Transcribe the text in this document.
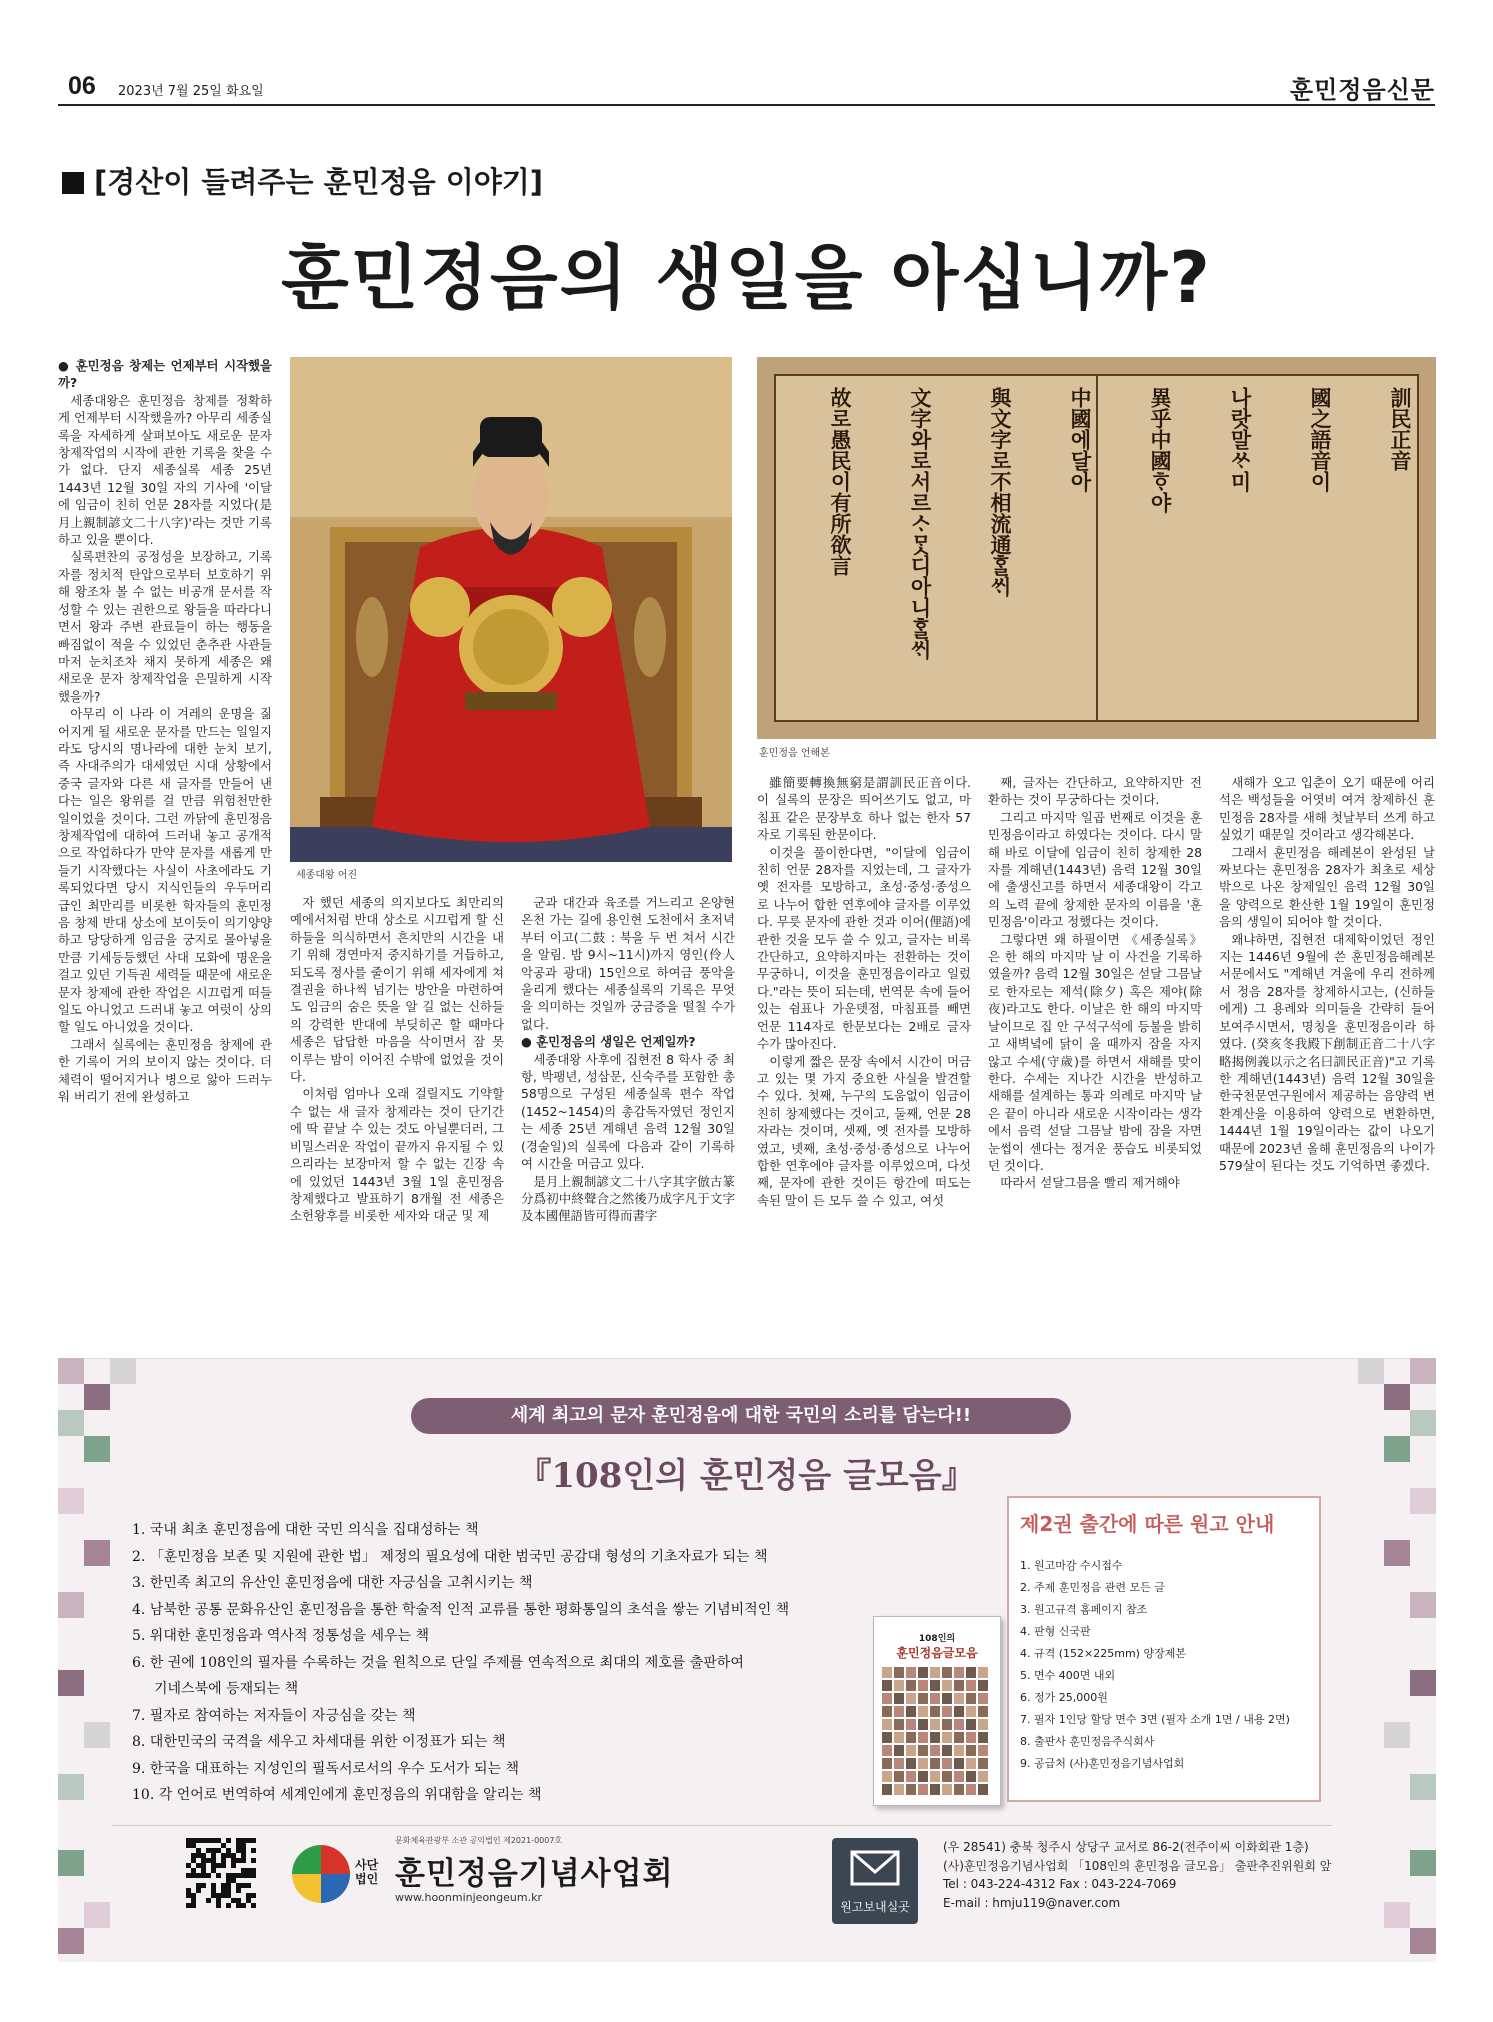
06 2023년 7월 25일 화요일	훈민정음신문
[경산이 들려주는 훈민정음 이야기]
훈민정음의 생일을 아십니까?

● 훈민정음 창제는 언제부터 시작했을까?

세종대왕은 훈민정음 창제를 정확하게 언제부터 시작했을까? 아무리 세종실록을 자세하게 살펴보아도 새로운 문자 창제작업의 시작에 관한 기록을 찾을 수가 없다. 단지 세종실록 세종 25년 1443년 12월 30일 자의 기사에 '이달에 임금이 친히 언문 28자를 지었다(是月上親制諺文二十八字)'라는 것만 기록하고 있을 뿐이다.

실록편찬의 공정성을 보장하고, 기록자를 정치적 탄압으로부터 보호하기 위해 왕조차 볼 수 없는 비공개 문서를 작성할 수 있는 권한으로 왕들을 따라다니면서 왕과 주변 관료들이 하는 행동을 빠짐없이 적을 수 있었던 춘추관 사관들마저 눈치조차 채지 못하게 세종은 왜 새로운 문자 창제작업을 은밀하게 시작했을까?

아무리 이 나라 이 겨레의 운명을 짊어지게 될 새로운 문자를 만드는 일일지라도 당시의 명나라에 대한 눈치 보기, 즉 사대주의가 대세였던 시대 상황에서 중국 글자와 다른 새 글자를 만들어 낸다는 일은 왕위를 걸 만큼 위험천만한 일이었을 것이다. 그런 까닭에 훈민정음 창제작업에 대하여 드러내 놓고 공개적으로 작업하다가 만약 문자를 새롭게 만들기 시작했다는 사실이 사초에라도 기록되었다면 당시 지식인들의 우두머리급인 최만리를 비롯한 학자들의 훈민정음 창제 반대 상소에 보이듯이 의기양양하고 당당하게 임금을 궁지로 몰아넣을 만큼 기세등등했던 사대 모화에 명운을 걸고 있던 기득권 세력들 때문에 새로운 문자 창제에 관한 작업은 시끄럽게 떠들 일도 아니었고 드러내 놓고 여럿이 상의할 일도 아니었을 것이다.

그래서 실록에는 훈민정음 창제에 관한 기록이 거의 보이지 않는 것이다. 더 체력이 떨어지거나 병으로 앓아 드러누워 버리기 전에 완성하고

자 했던 세종의 의지보다도 최만리의 예에서처럼 반대 상소로 시끄럽게 할 신하들을 의식하면서 흔치만의 시간을 내기 위해 경연마저 중지하기를 거듭하고, 되도록 정사를 줄이기 위해 세자에게 쳐결권을 하나씩 넘기는 방안을 마련하여도 임금의 숨은 뜻을 알 길 없는 신하들의 강력한 반대에 부딪히곤 할 때마다 세종은 답답한 마음을 삭이면서 잠 못 이루는 밤이 이어진 수밖에 없었을 것이다.

이처럼 엄마나 오래 걸릴지도 기약할 수 없는 새 글자 창제라는 것이 단기간에 딱 끝날 수 있는 것도 아닐뿐더러, 그 비밀스러운 작업이 끝까지 유지될 수 있으리라는 보장마저 할 수 없는 긴장 속에 있었던 1443년 3월 1일 훈민정음 창제했다고 발표하기 8개월 전 세종은 소헌왕후를 비롯한 세자와 대군 및 제

군과 대간과 육조를 거느리고 온양현 온천 가는 길에 용인현 도천에서 초저녁부터 이고(二鼓 : 북을 두 번 쳐서 시간을 알림. 밤 9시~11시)까지 영인(伶人 악공과 광대) 15인으로 하여금 풍악을 울리게 했다는 세종실록의 기록은 무엇을 의미하는 것일까 궁금증을 떨칠 수가 없다.

● 훈민정음의 생일은 언제일까?

세종대왕 사후에 집현전 8 학사 중 최항, 박팽년, 성삼문, 신숙주를 포함한 총 58명으로 구성된 세종실록 편수 작업(1452~1454)의 총감독자였던 정인지는 세종 25년 계해년 음력 12월 30일(경술일)의 실록에 다음과 같이 기록하여 시간을 머금고 있다.

是月上親制諺文二十八字其字倣古篆分爲初中終聲合之然後乃成字凡于文字及本國俚語皆可得而書字

雖簡要轉換無窮是謂訓民正音이다. 이 실록의 문장은 띄어쓰기도 없고, 마침표 같은 문장부호 하나 없는 한자 57자로 기록된 한문이다.

이것을 풀이한다면, "이달에 임금이 친히 언문 28자를 지었는데, 그 글자가 옛 전자를 모방하고, 초성·중성·종성으로 나누어 합한 연후에야 글자를 이루었다. 무릇 문자에 관한 것과 이어(俚語)에 관한 것을 모두 쓸 수 있고, 글자는 비록 간단하고, 요약하지마는 전환하는 것이 무궁하니, 이것을 훈민정음이라고 일렀다."라는 뜻이 되는데, 번역문 속에 들어 있는 쉼표나 가운뎃점, 마침표를 빼면 언문 114자로 한문보다는 2배로 글자 수가 많아진다.

이렇게 짧은 문장 속에서 시간이 머금고 있는 몇 가지 중요한 사실을 발견할 수 있다. 첫째, 누구의 도움없이 임금이 친히 창제했다는 것이고, 둘째, 언문 28자라는 것이며, 셋째, 옛 전자를 모방하였고, 넷째, 초성·중성·종성으로 나누어 합한 연후에야 글자를 이루었으며, 다섯째, 문자에 관한 것이든 항간에 떠도는 속된 말이 든 모두 쓸 수 있고, 여섯

째, 글자는 간단하고, 요약하지만 전환하는 것이 무궁하다는 것이다.

그리고 마지막 일곱 번째로 이것을 훈민정음이라고 하였다는 것이다. 다시 말해 바로 이달에 임금이 친히 창제한 28자를 계해년(1443년) 음력 12월 30일에 출생신고를 하면서 세종대왕이 각고의 노력 끝에 창제한 문자의 이름을 '훈민정음'이라고 정했다는 것이다.

그렇다면 왜 하필이면 《세종실록》은 한 해의 마지막 날 이 사건을 기록하였을까? 음력 12월 30일은 섣달 그믐날로 한자로는 제석(除夕) 혹은 제야(除夜)라고도 한다. 이날은 한 해의 마지막 날이므로 집 안 구석구석에 등불을 밝히고 새벽녘에 닭이 울 때까지 잠을 자지 않고 수세(守歲)를 하면서 새해를 맞이한다. 수세는 지나간 시간을 반성하고 새해를 설계하는 통과 의례로 마지막 날은 끝이 아니라 새로운 시작이라는 생각에서 음력 섣달 그믐날 밤에 잠을 자면 눈썹이 센다는 정겨운 풍습도 비롯되었던 것이다.

따라서 섣달그믐을 빨리 제거해야

새해가 오고 입춘이 오기 때문에 어리석은 백성들을 어엿비 여겨 창제하신 훈민정음 28자를 새해 첫날부터 쓰게 하고 싶었기 때문일 것이라고 생각해본다.

그래서 훈민정음 해례본이 완성된 날짜보다는 훈민정음 28자가 최초로 세상 밖으로 나온 창제일인 음력 12월 30일을 양력으로 환산한 1월 19일이 훈민정음의 생일이 되어야 할 것이다.

왜냐하면, 집현전 대제학이었던 정인지는 1446년 9월에 쓴 훈민정음해례본 서문에서도 "계해년 겨울에 우리 전하께서 정음 28자를 창제하시고는, (신하들에게) 그 용례와 의미들을 간략히 들어 보여주시면서, 명칭을 훈민정음이라 하였다. (癸亥冬我殿下創制正音二十八字略揭例義以示之名曰訓民正音)"고 기록한 계해년(1443년) 음력 12월 30일을 한국천문연구원에서 제공하는 음양력 변환계산을 이용하여 양력으로 변환하면, 1444년 1월 19일이라는 값이 나오기 때문에 2023년 올해 훈민정음의 나이가 579살이 된다는 것도 기억하면 좋겠다.

세종대왕 어진
訓民正音
國之語音이
나랏말ᄊᆞ미
異乎中國ᄒᆞ야
中國에달아
與文字로不相流通ᄒᆞᆯᄊᆡ
文字와로서르ᄉᆞᄆᆞᆺ디아니ᄒᆞᆯᄊᆡ
故로愚民이有所欲言
훈민정음 언해본
세계 최고의 문자 훈민정음에 대한 국민의 소리를 담는다!!
『108인의 훈민정음 글모음』
1. 국내 최초 훈민정음에 대한 국민 의식을 집대성하는 책
2. 「훈민정음 보존 및 지원에 관한 법」 제정의 필요성에 대한 범국민 공감대 형성의 기초자료가 되는 책
3. 한민족 최고의 유산인 훈민정음에 대한 자긍심을 고취시키는 책
4. 남북한 공통 문화유산인 훈민정음을 통한 학술적 인적 교류를 통한 평화통일의 초석을 쌓는 기념비적인 책
5. 위대한 훈민정음과 역사적 정통성을 세우는 책
6. 한 권에 108인의 필자를 수록하는 것을 원칙으로 단일 주제를 연속적으로 최대의 제호를 출판하여
기네스북에 등재되는 책
7. 필자로 참여하는 저자들이 자긍심을 갖는 책
8. 대한민국의 국격을 세우고 차세대를 위한 이정표가 되는 책
9. 한국을 대표하는 지성인의 필독서로서의 우수 도서가 되는 책
10. 각 언어로 번역하여 세계인에게 훈민정음의 위대함을 알리는 책
108인의
훈민정음글모음
제2권 출간에 따른 원고 안내
1. 원고마감 수시접수
2. 주제 훈민정음 관련 모든 글
3. 원고규격 홈페이지 참조
4. 판형 신국판
4. 규격 (152×225mm) 양장제본
5. 면수 400면 내외
6. 정가 25,000원
7. 필자 1인당 할당 면수 3면 (필자 소개 1면 / 내용 2면)
8. 출판사 훈민정음주식회사
9. 공급처 (사)훈민정음기념사업회
사단
법인
문화체육관광부 소관 공익법인 제2021-0007호
훈민정음기념사업회
www.hoonminjeongeum.kr
원고보내실곳
(우 28541) 충북 청주시 상당구 교서로 86-2(전주이씨 이화회관 1층)
(사)훈민정음기념사업회 「108인의 훈민정음 글모음」 출판추진위원회 앞
Tel : 043-224-4312 Fax : 043-224-7069
E-mail : hmju119@naver.com
